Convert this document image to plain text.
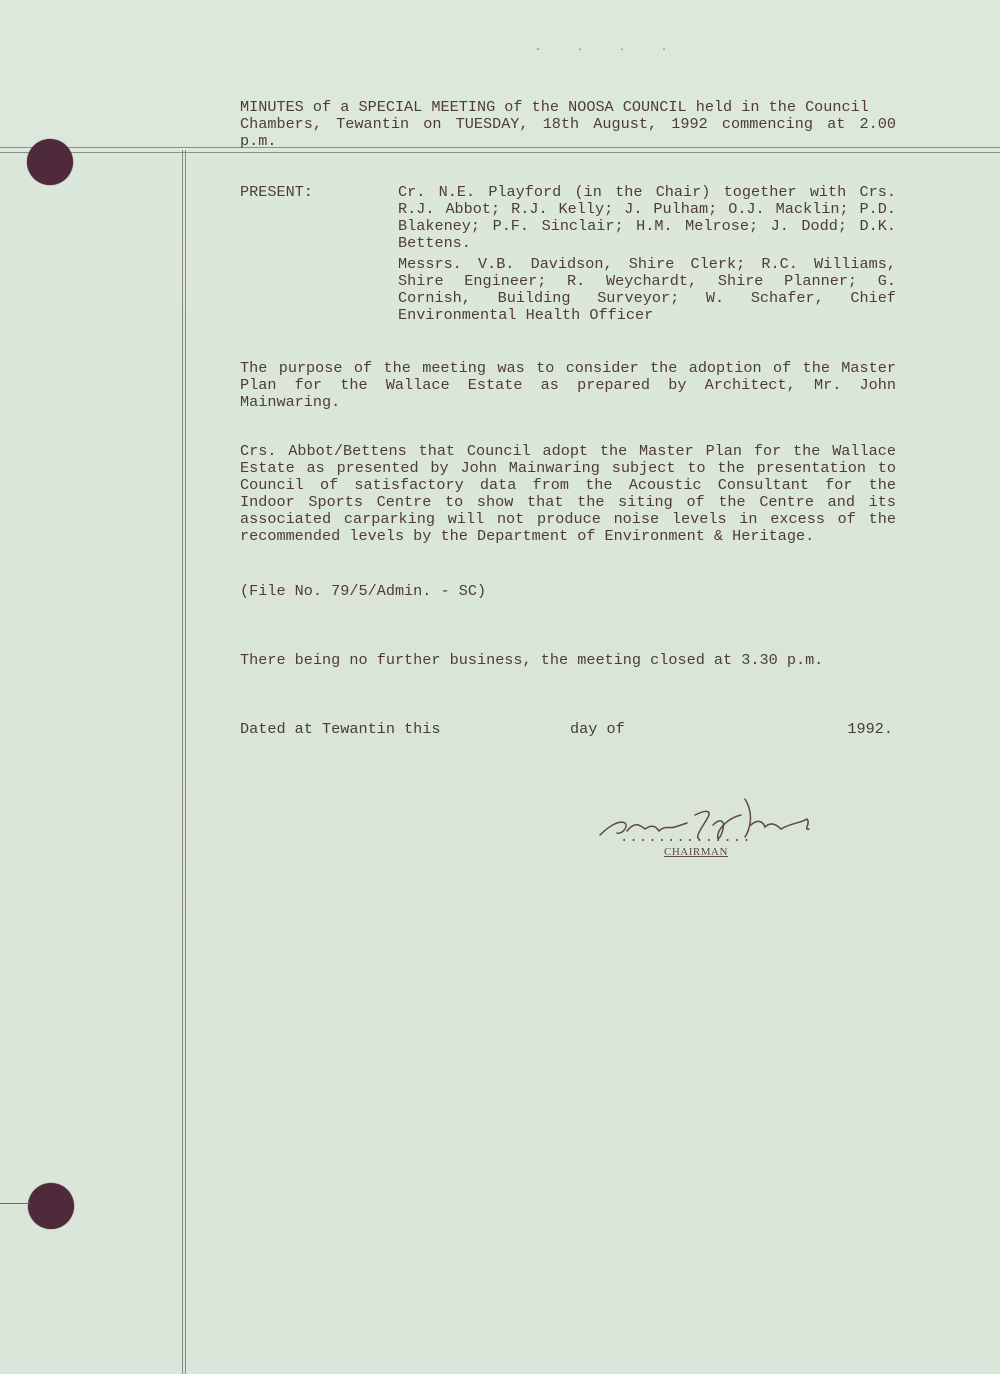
-  ·  ·  ·

MINUTES of a SPECIAL MEETING of the NOOSA COUNCIL held in the Council

Chambers, Tewantin on TUESDAY, 18th August, 1992 commencing at 2.00 p.m.

PRESENT:	Cr. N.E. Playford (in the Chair) together with Crs. R.J. Abbot; R.J. Kelly; J. Pulham; O.J. Macklin; P.D. Blakeney; P.F. Sinclair; H.M. Melrose; J. Dodd; D.K. Bettens.
Messrs. V.B. Davidson, Shire Clerk; R.C. Williams, Shire Engineer; R. Weychardt, Shire Planner; G. Cornish, Building Surveyor; W. Schafer, Chief Environmental Health Officer
The purpose of the meeting was to consider the adoption of the Master Plan for the Wallace Estate as prepared by Architect, Mr. John Mainwaring.
Crs. Abbot/Bettens that Council adopt the Master Plan for the Wallace Estate as presented by John Mainwaring subject to the presentation to Council of satisfactory data from the Acoustic Consultant for the Indoor Sports Centre to show that the siting of the Centre and its associated carparking will not produce noise levels in excess of the recommended levels by the Department of Environment & Heritage.
(File No. 79/5/Admin. - SC)
There being no further business, the meeting closed at 3.30 p.m.
Dated at Tewantin this	day of	1992.
..............
CHAIRMAN
